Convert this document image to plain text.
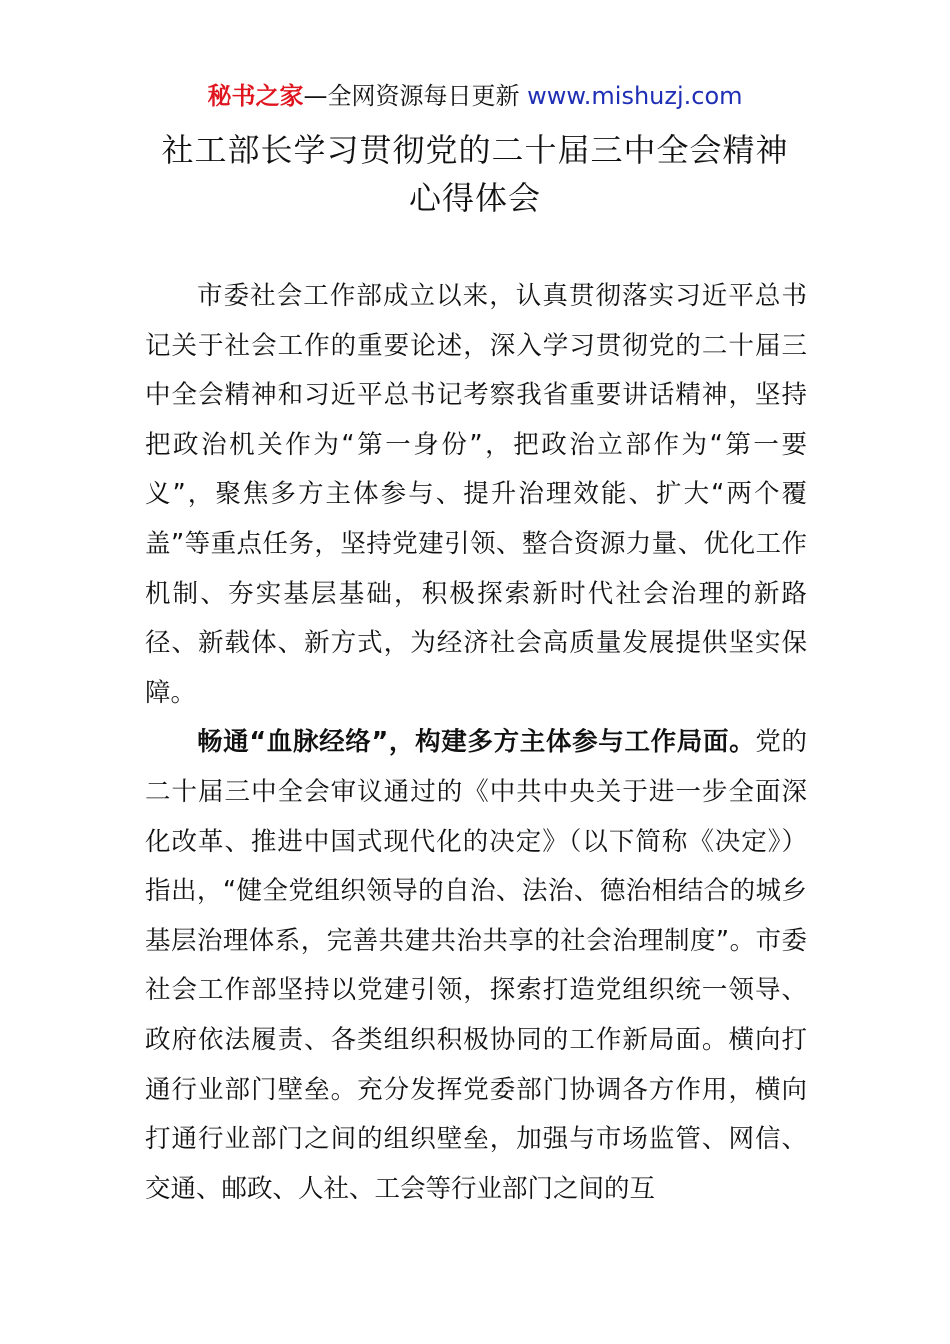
秘书之家—全网资源每日更新 www.mishuzj.com
社工部长学习贯彻党的二十届三中全会精神
心得体会

市委社会工作部成立以来，认真贯彻落实习近平总书记关于社会工作的重要论述，深入学习贯彻党的二十届三中全会精神和习近平总书记考察我省重要讲话精神，坚持把政治机关作为“第一身份”，把政治立部作为“第一要义”，聚焦多方主体参与、提升治理效能、扩大“两个覆盖”等重点任务，坚持党建引领、整合资源力量、优化工作机制、夯实基层基础，积极探索新时代社会治理的新路径、新载体、新方式，为经济社会高质量发展提供坚实保障。

畅通“血脉经络”，构建多方主体参与工作局面。党的二十届三中全会审议通过的《中共中央关于进一步全面深化改革、推进中国式现代化的决定》（以下简称《决定》）指出，“健全党组织领导的自治、法治、德治相结合的城乡基层治理体系，完善共建共治共享的社会治理制度”。市委社会工作部坚持以党建引领，探索打造党组织统一领导、政府依法履责、各类组织积极协同的工作新局面。横向打通行业部门壁垒。充分发挥党委部门协调各方作用，横向打通行业部门之间的组织壁垒，加强与市场监管、网信、交通、邮政、人社、工会等行业部门之间的互
